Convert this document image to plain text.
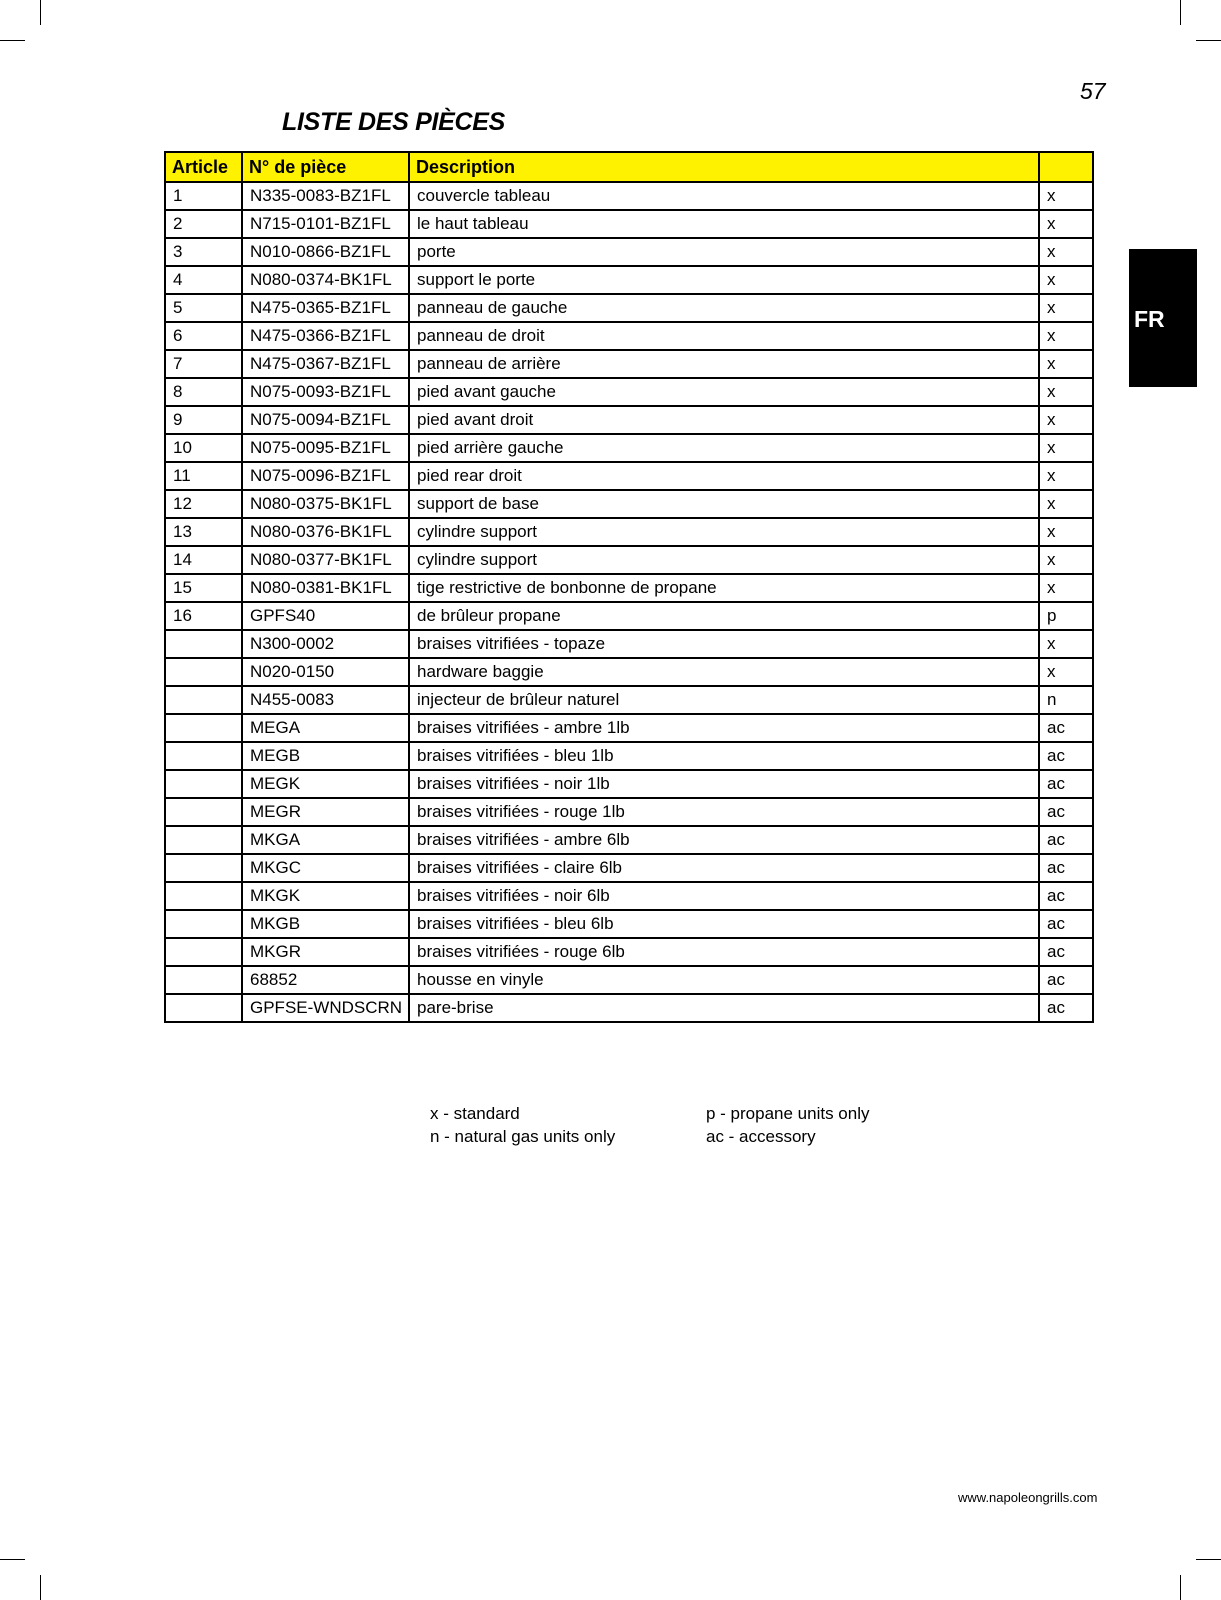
57
LISTE DES PIÈCES
FR
Article	N° de pièce	Description	
1	N335-0083-BZ1FL	couvercle tableau	x
2	N715-0101-BZ1FL	le haut tableau	x
3	N010-0866-BZ1FL	porte	x
4	N080-0374-BK1FL	support le porte	x
5	N475-0365-BZ1FL	panneau de gauche	x
6	N475-0366-BZ1FL	panneau de droit	x
7	N475-0367-BZ1FL	panneau de arrière	x
8	N075-0093-BZ1FL	pied avant gauche	x
9	N075-0094-BZ1FL	pied avant droit	x
10	N075-0095-BZ1FL	pied arrière gauche	x
11	N075-0096-BZ1FL	pied rear droit	x
12	N080-0375-BK1FL	support de base	x
13	N080-0376-BK1FL	cylindre support	x
14	N080-0377-BK1FL	cylindre support	x
15	N080-0381-BK1FL	tige restrictive de bonbonne de propane	x
16	GPFS40	de brûleur propane	p
	N300-0002	braises vitrifiées - topaze	x
	N020-0150	hardware baggie	x
	N455-0083	injecteur de brûleur naturel	n
	MEGA	braises vitrifiées - ambre 1lb	ac
	MEGB	braises vitrifiées - bleu 1lb	ac
	MEGK	braises vitrifiées - noir 1lb	ac
	MEGR	braises vitrifiées - rouge 1lb	ac
	MKGA	braises vitrifiées - ambre 6lb	ac
	MKGC	braises vitrifiées - claire 6lb	ac
	MKGK	braises vitrifiées - noir 6lb	ac
	MKGB	braises vitrifiées - bleu 6lb	ac
	MKGR	braises vitrifiées - rouge 6lb	ac
	68852	housse en vinyle	ac
	GPFSE-WNDSCRN	pare-brise	ac
x - standard
n - natural gas units only
p - propane units only
ac - accessory
www.napoleongrills.com
